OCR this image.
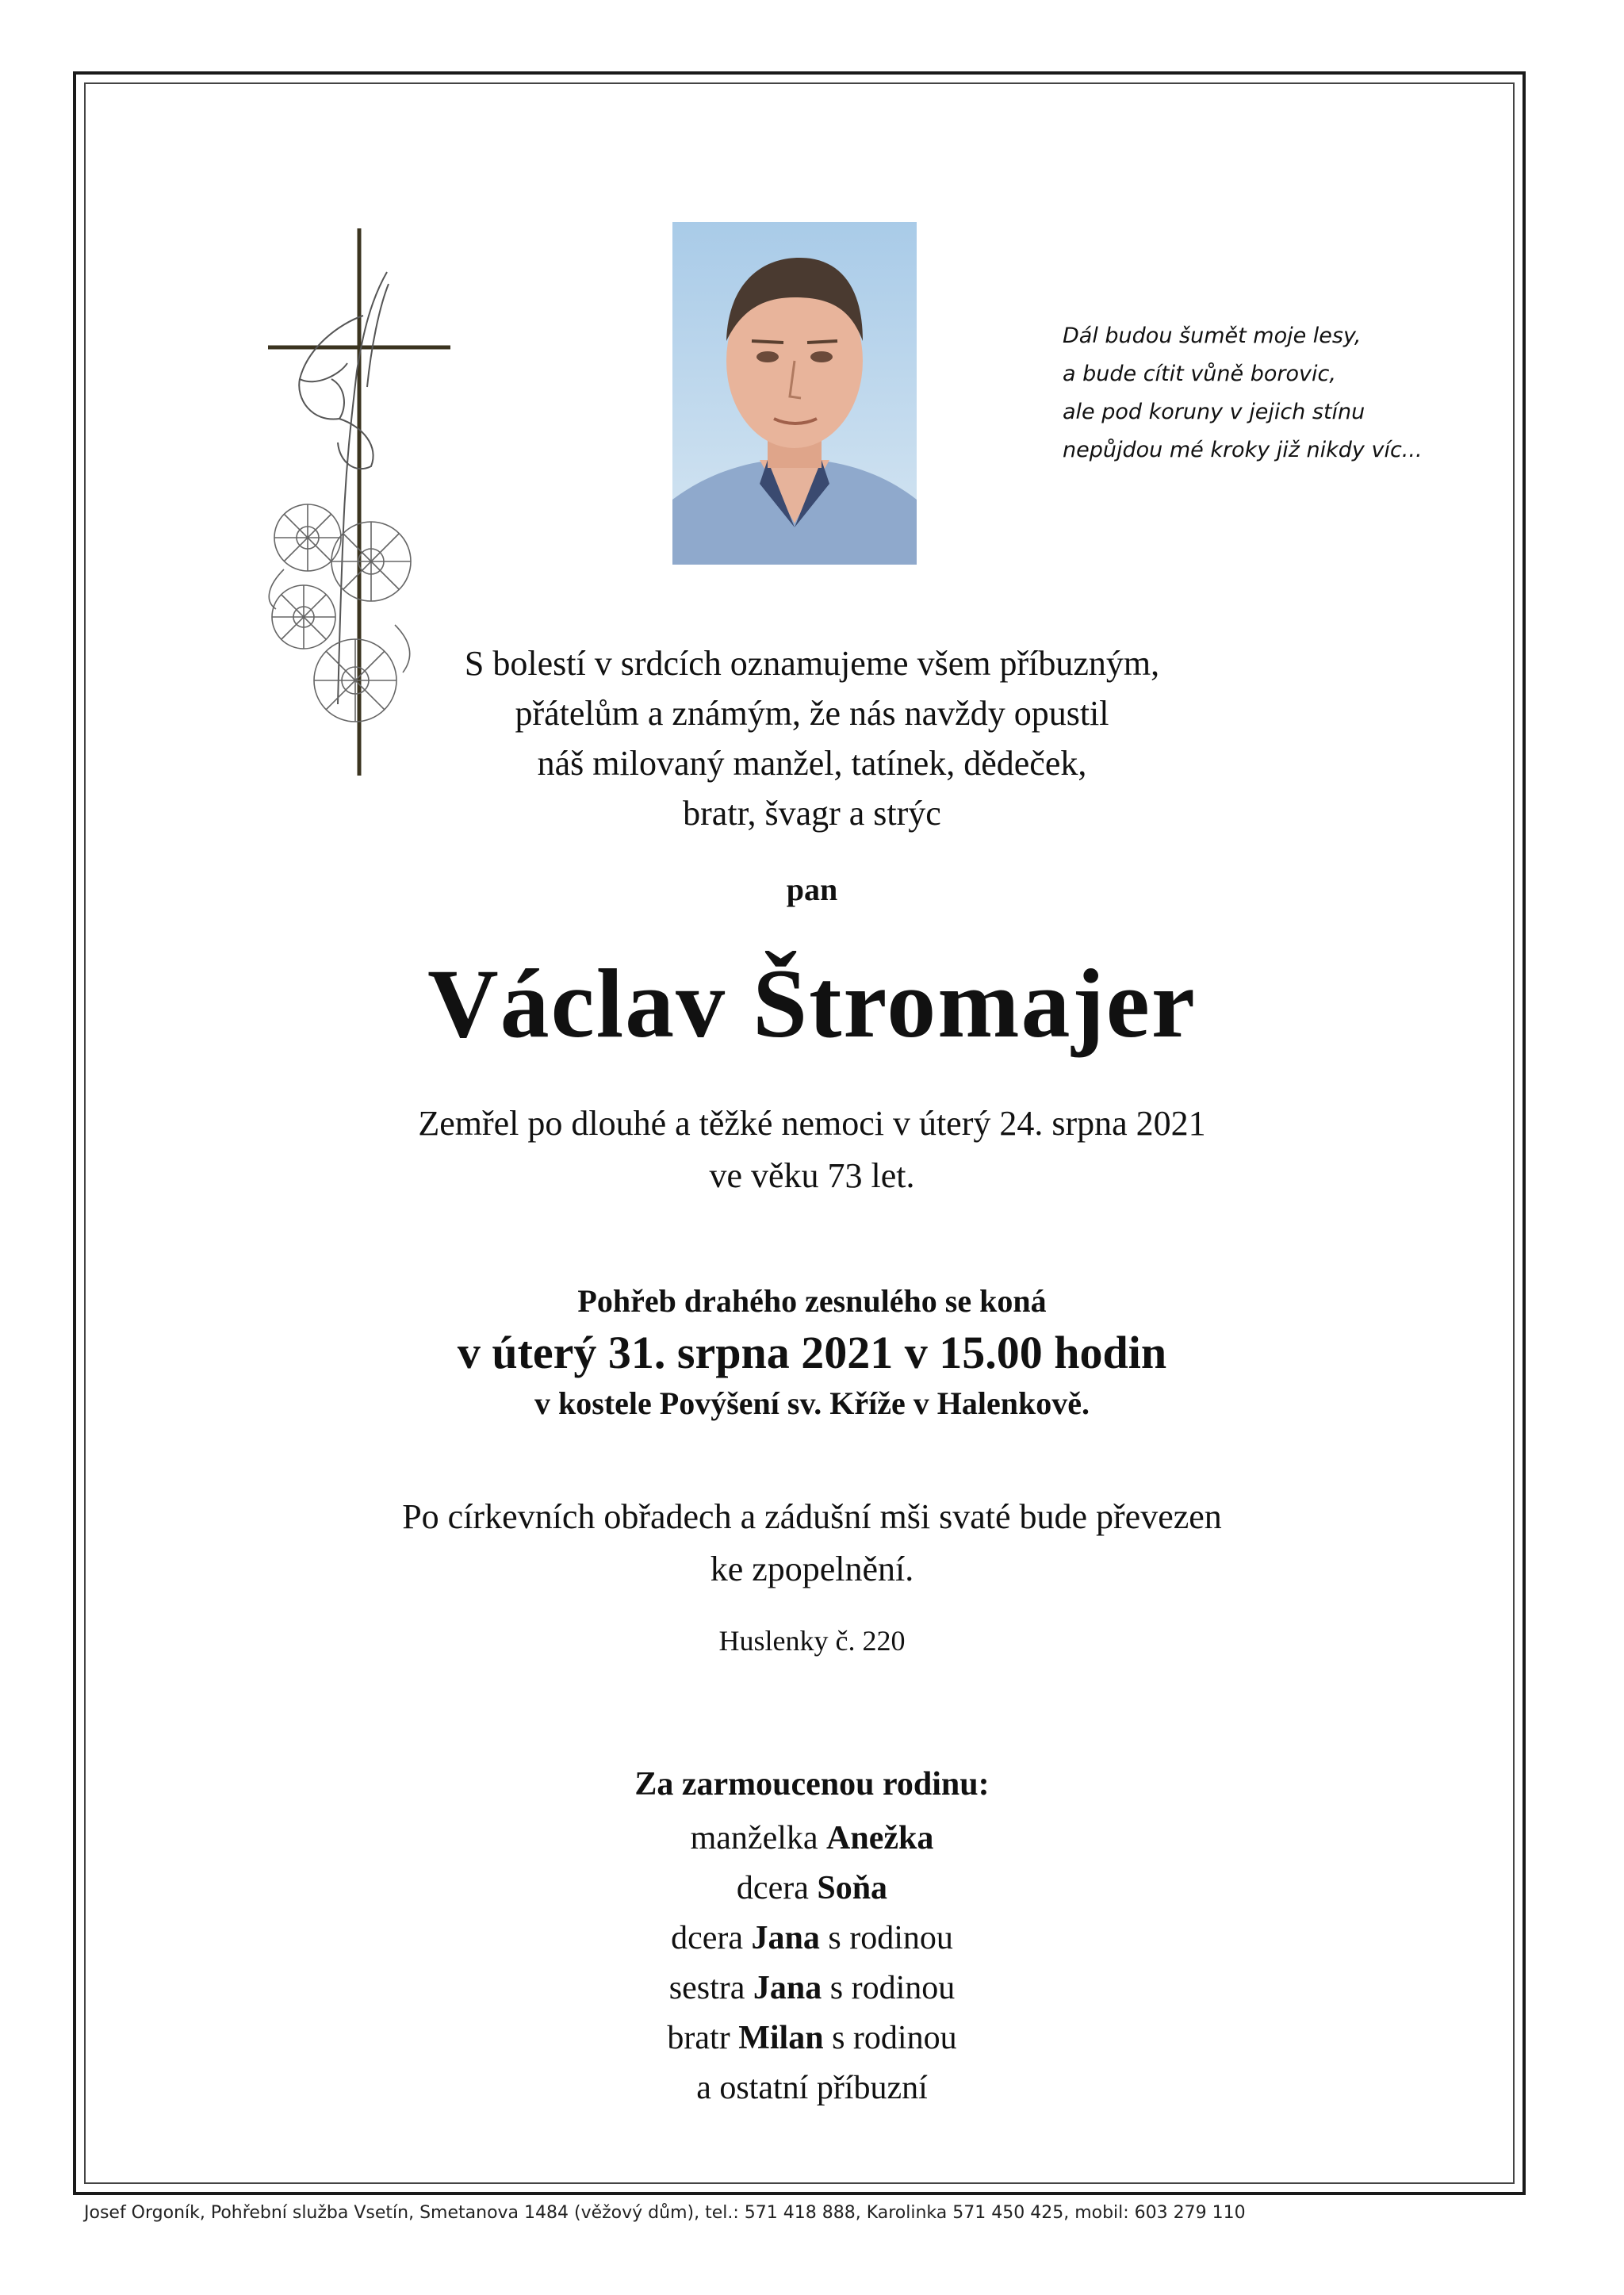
Dál budou šumět moje lesy,
a bude cítit vůně borovic,
ale pod koruny v jejich stínu
nepůjdou mé kroky již nikdy víc...
S bolestí v srdcích oznamujeme všem příbuzným,
přátelům a známým, že nás navždy opustil
náš milovaný manžel, tatínek, dědeček,
bratr, švagr a strýc
pan
Václav Štromajer
Zemřel po dlouhé a těžké nemoci v úterý 24. srpna 2021
ve věku 73 let.
Pohřeb drahého zesnulého se koná
v úterý 31. srpna 2021 v 15.00 hodin
v kostele Povýšení sv. Kříže v Halenkově.
Po církevních obřadech a zádušní mši svaté bude převezen
ke zpopelnění.
Huslenky č. 220
Za zarmoucenou rodinu:
manželka Anežka
dcera Soňa
dcera Jana s rodinou
sestra Jana s rodinou
bratr Milan s rodinou
a ostatní příbuzní
Josef Orgoník, Pohřební služba Vsetín, Smetanova 1484 (věžový dům), tel.: 571 418 888, Karolinka 571 450 425, mobil: 603 279 110
